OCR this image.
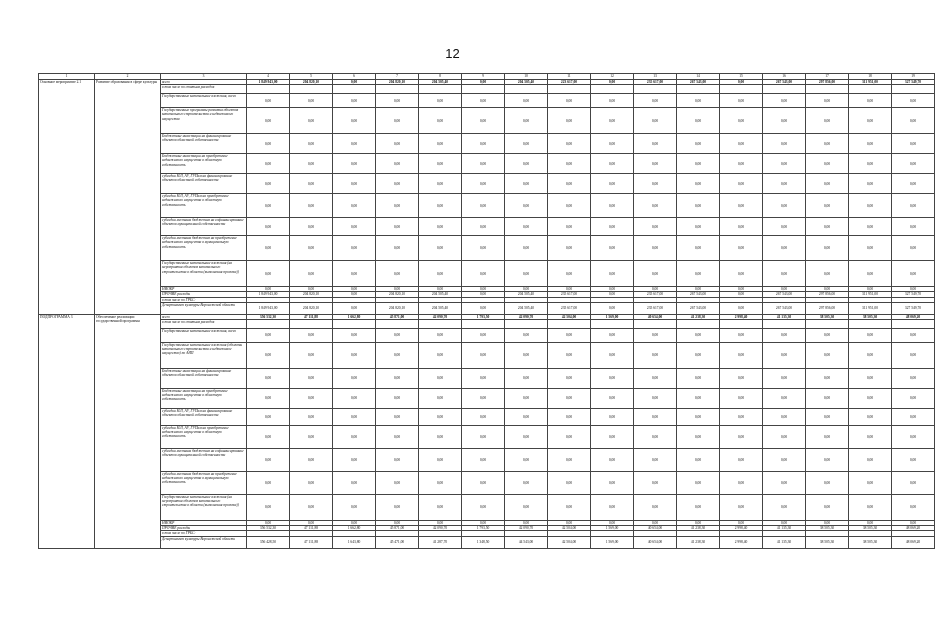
12
1	2	3	4	5	6	7	8	9	10	11	12	13	14	15	16	17	18	19
Основное мероприятие 2.1	Развитие образования в сфере культуры	всего	1 849 943,00	204 820,10	0,00	204 820,10	204 505,40	0,00	204 505,40	223 617,00	0,00	235 617,00	267 543,00	0,00	267 543,00	297 856,00	311 951,00	327 549,70
		в том числе по статьям расходов																
		Государственные капитальные вложения, всего	0,00	0,00	0,00	0,00	0,00	0,00	0,00	0,00	0,00	0,00	0,00	0,00	0,00	0,00	0,00	0,00
		Государственные программы развития объектов капитального строительства и недвижимого имущества	0,00	0,00	0,00	0,00	0,00	0,00	0,00	0,00	0,00	0,00	0,00	0,00	0,00	0,00	0,00	0,00
		Бюджетные инвестиции на финансирование объектов областной собственности	0,00	0,00	0,00	0,00	0,00	0,00	0,00	0,00	0,00	0,00	0,00	0,00	0,00	0,00	0,00	0,00
		Бюджетные инвестиции на приобретение недвижимого имущества в областную собственность	0,00	0,00	0,00	0,00	0,00	0,00	0,00	0,00	0,00	0,00	0,00	0,00	0,00	0,00	0,00	0,00
		субсидии ЮЛ, АУ, ГУПам на финансирование объектов областной собственности	0,00	0,00	0,00	0,00	0,00	0,00	0,00	0,00	0,00	0,00	0,00	0,00	0,00	0,00	0,00	0,00
		субсидии ЮЛ, АУ, ГУПам на приобретение недвижимого имущества в областную собственность	0,00	0,00	0,00	0,00	0,00	0,00	0,00	0,00	0,00	0,00	0,00	0,00	0,00	0,00	0,00	0,00
		субсидии местным бюджетам на софинансирование объектов муниципальной собственности	0,00	0,00	0,00	0,00	0,00	0,00	0,00	0,00	0,00	0,00	0,00	0,00	0,00	0,00	0,00	0,00
		субсидии местным бюджетам на приобретение недвижимого имущества в муниципальную собственность	0,00	0,00	0,00	0,00	0,00	0,00	0,00	0,00	0,00	0,00	0,00	0,00	0,00	0,00	0,00	0,00
		Государственные капитальные вложения (на мероприятия объектов капитального строительства в области (выполнения проекта))	0,00	0,00	0,00	0,00	0,00	0,00	0,00	0,00	0,00	0,00	0,00	0,00	0,00	0,00	0,00	0,00
		НИОКР	0,00	0,00	0,00	0,00	0,00	0,00	0,00	0,00	0,00	0,00	0,00	0,00	0,00	0,00	0,00	0,00
		ПРОЧИЕ расходы	1 849 943,00	204 820,10	0,00	204 820,10	204 505,40	0,00	204 505,40	235 617,00	0,00	235 617,00	267 543,00	0,00	267 543,00	297 856,00	311 951,00	327 549,70
		в том числе по ГРБС:																
		Департамент культуры Воронежской области	1 849 943,00	204 820,10	0,00	204 820,10	204 505,40	0,00	204 505,40	235 617,00	0,00	235 617,00	267 543,00	0,00	267 543,00	297 856,00	311 951,00	327 549,70
ПОДПРОГРАММА 3	Обеспечение реализации государственной программы	всего	356 532,30	47 111,88	1 662,80	45 871,00	42 090,70	1 793,50	42 090,70	42 504,00	1 569,00	40 654,00	41 238,30	2 998,40	41 135,30	38 505,30	38 505,30	48 069,20
		в том числе по статьям расходов																
		Государственные капитальные вложения, всего	0,00	0,00	0,00	0,00	0,00	0,00	0,00	0,00	0,00	0,00	0,00	0,00	0,00	0,00	0,00	0,00
		Государственные капитальные вложения (объекты капитального строительства и недвижимое имущество) по АИП	0,00	0,00	0,00	0,00	0,00	0,00	0,00	0,00	0,00	0,00	0,00	0,00	0,00	0,00	0,00	0,00
		Бюджетные инвестиции на финансирование объектов областной собственности	0,00	0,00	0,00	0,00	0,00	0,00	0,00	0,00	0,00	0,00	0,00	0,00	0,00	0,00	0,00	0,00
		Бюджетные инвестиции на приобретение недвижимого имущества в областную собственность	0,00	0,00	0,00	0,00	0,00	0,00	0,00	0,00	0,00	0,00	0,00	0,00	0,00	0,00	0,00	0,00
		субсидии ЮЛ, АУ, ГУПам на финансирование объектов областной собственности	0,00	0,00	0,00	0,00	0,00	0,00	0,00	0,00	0,00	0,00	0,00	0,00	0,00	0,00	0,00	0,00
		субсидии ЮЛ, АУ, ГУПам на приобретение недвижимого имущества в областную собственность	0,00	0,00	0,00	0,00	0,00	0,00	0,00	0,00	0,00	0,00	0,00	0,00	0,00	0,00	0,00	0,00
		субсидии местным бюджетам на софинансирование объектов муниципальной собственности	0,00	0,00	0,00	0,00	0,00	0,00	0,00	0,00	0,00	0,00	0,00	0,00	0,00	0,00	0,00	0,00
		субсидии местным бюджетам на приобретение недвижимого имущества в муниципальную собственность	0,00	0,00	0,00	0,00	0,00	0,00	0,00	0,00	0,00	0,00	0,00	0,00	0,00	0,00	0,00	0,00
		Государственные капитальные вложения (на мероприятия объектов капитального строительства в области (выполнения проекта))	0,00	0,00	0,00	0,00	0,00	0,00	0,00	0,00	0,00	0,00	0,00	0,00	0,00	0,00	0,00	0,00
		НИОКР	0,00	0,00	0,00	0,00	0,00	0,00	0,00	0,00	0,00	0,00	0,00	0,00	0,00	0,00	0,00	0,00
		ПРОЧИЕ расходы	356 532,30	47 111,88	1 662,80	45 871,00	42 090,70	1 793,50	42 090,70	42 504,00	1 569,00	40 654,00	41 238,30	2 998,40	41 135,30	38 505,30	38 505,30	48 069,20
		в том числе по ГРБС:																
		Департамент культуры Воронежской области	356 428,50	47 111,88	1 643,80	45 471,00	41 287,70	1 348,50	44 543,00	42 504,00	1 569,00	40 654,00	41 238,30	2 998,40	41 135,30	38 505,30	38 505,30	48 069,20
